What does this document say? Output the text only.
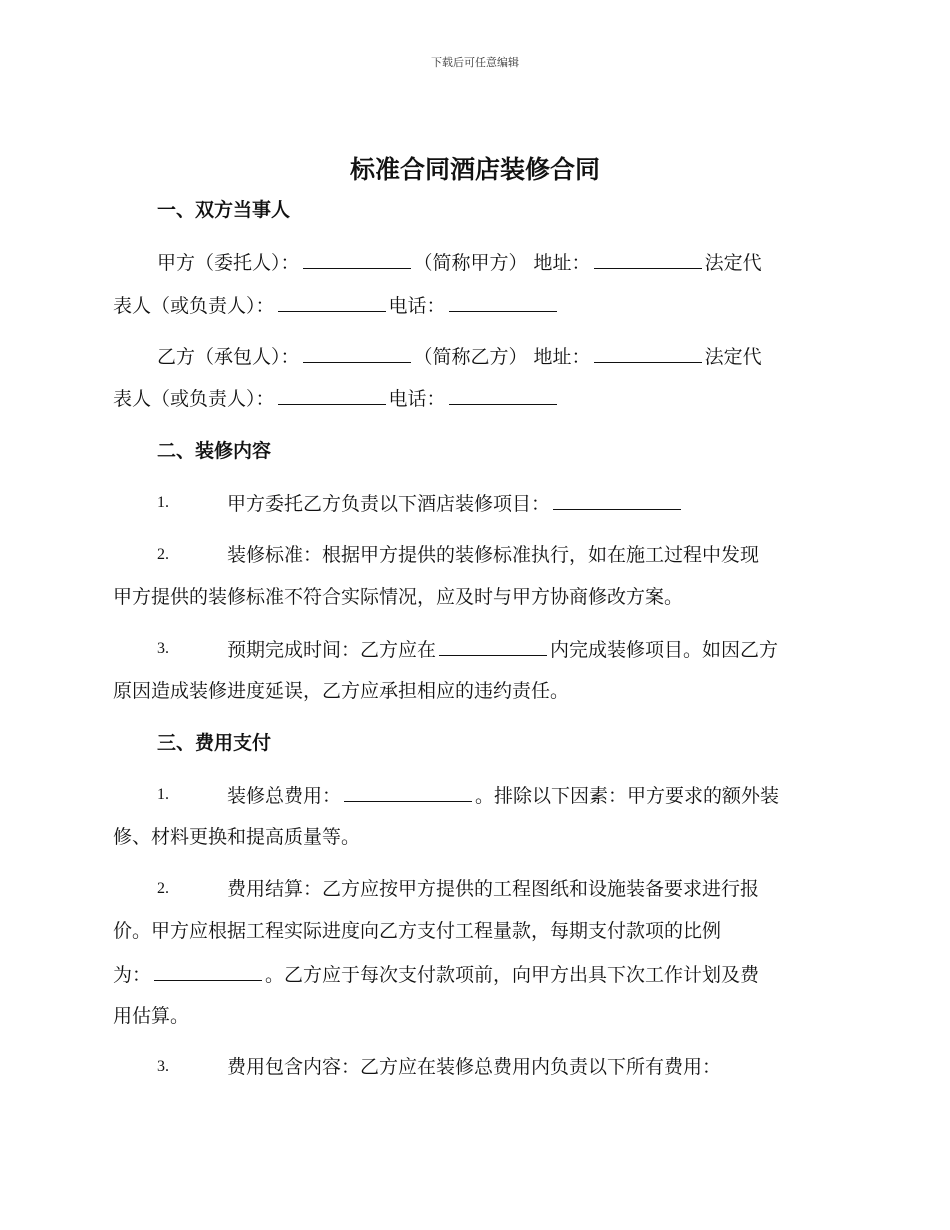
下载后可任意编辑
标准合同酒店装修合同
一、双方当事人
甲方（委托人）：	（简称甲方） 地址：	法定代
表人（或负责人）：	电话：
乙方（承包人）：	（简称乙方） 地址：	法定代
表人（或负责人）：	电话：
二、装修内容
1.	甲方委托乙方负责以下酒店装修项目：
2.	装修标准：根据甲方提供的装修标准执行，如在施工过程中发现
甲方提供的装修标准不符合实际情况，应及时与甲方协商修改方案。
3.	预期完成时间：乙方应在	内完成装修项目。如因乙方
原因造成装修进度延误，乙方应承担相应的违约责任。
三、费用支付
1.	装修总费用：	。排除以下因素：甲方要求的额外装
修、材料更换和提高质量等。
2.	费用结算：乙方应按甲方提供的工程图纸和设施装备要求进行报
价。甲方应根据工程实际进度向乙方支付工程量款，每期支付款项的比例
为：	。乙方应于每次支付款项前，向甲方出具下次工作计划及费
用估算。
3.	费用包含内容：乙方应在装修总费用内负责以下所有费用：
